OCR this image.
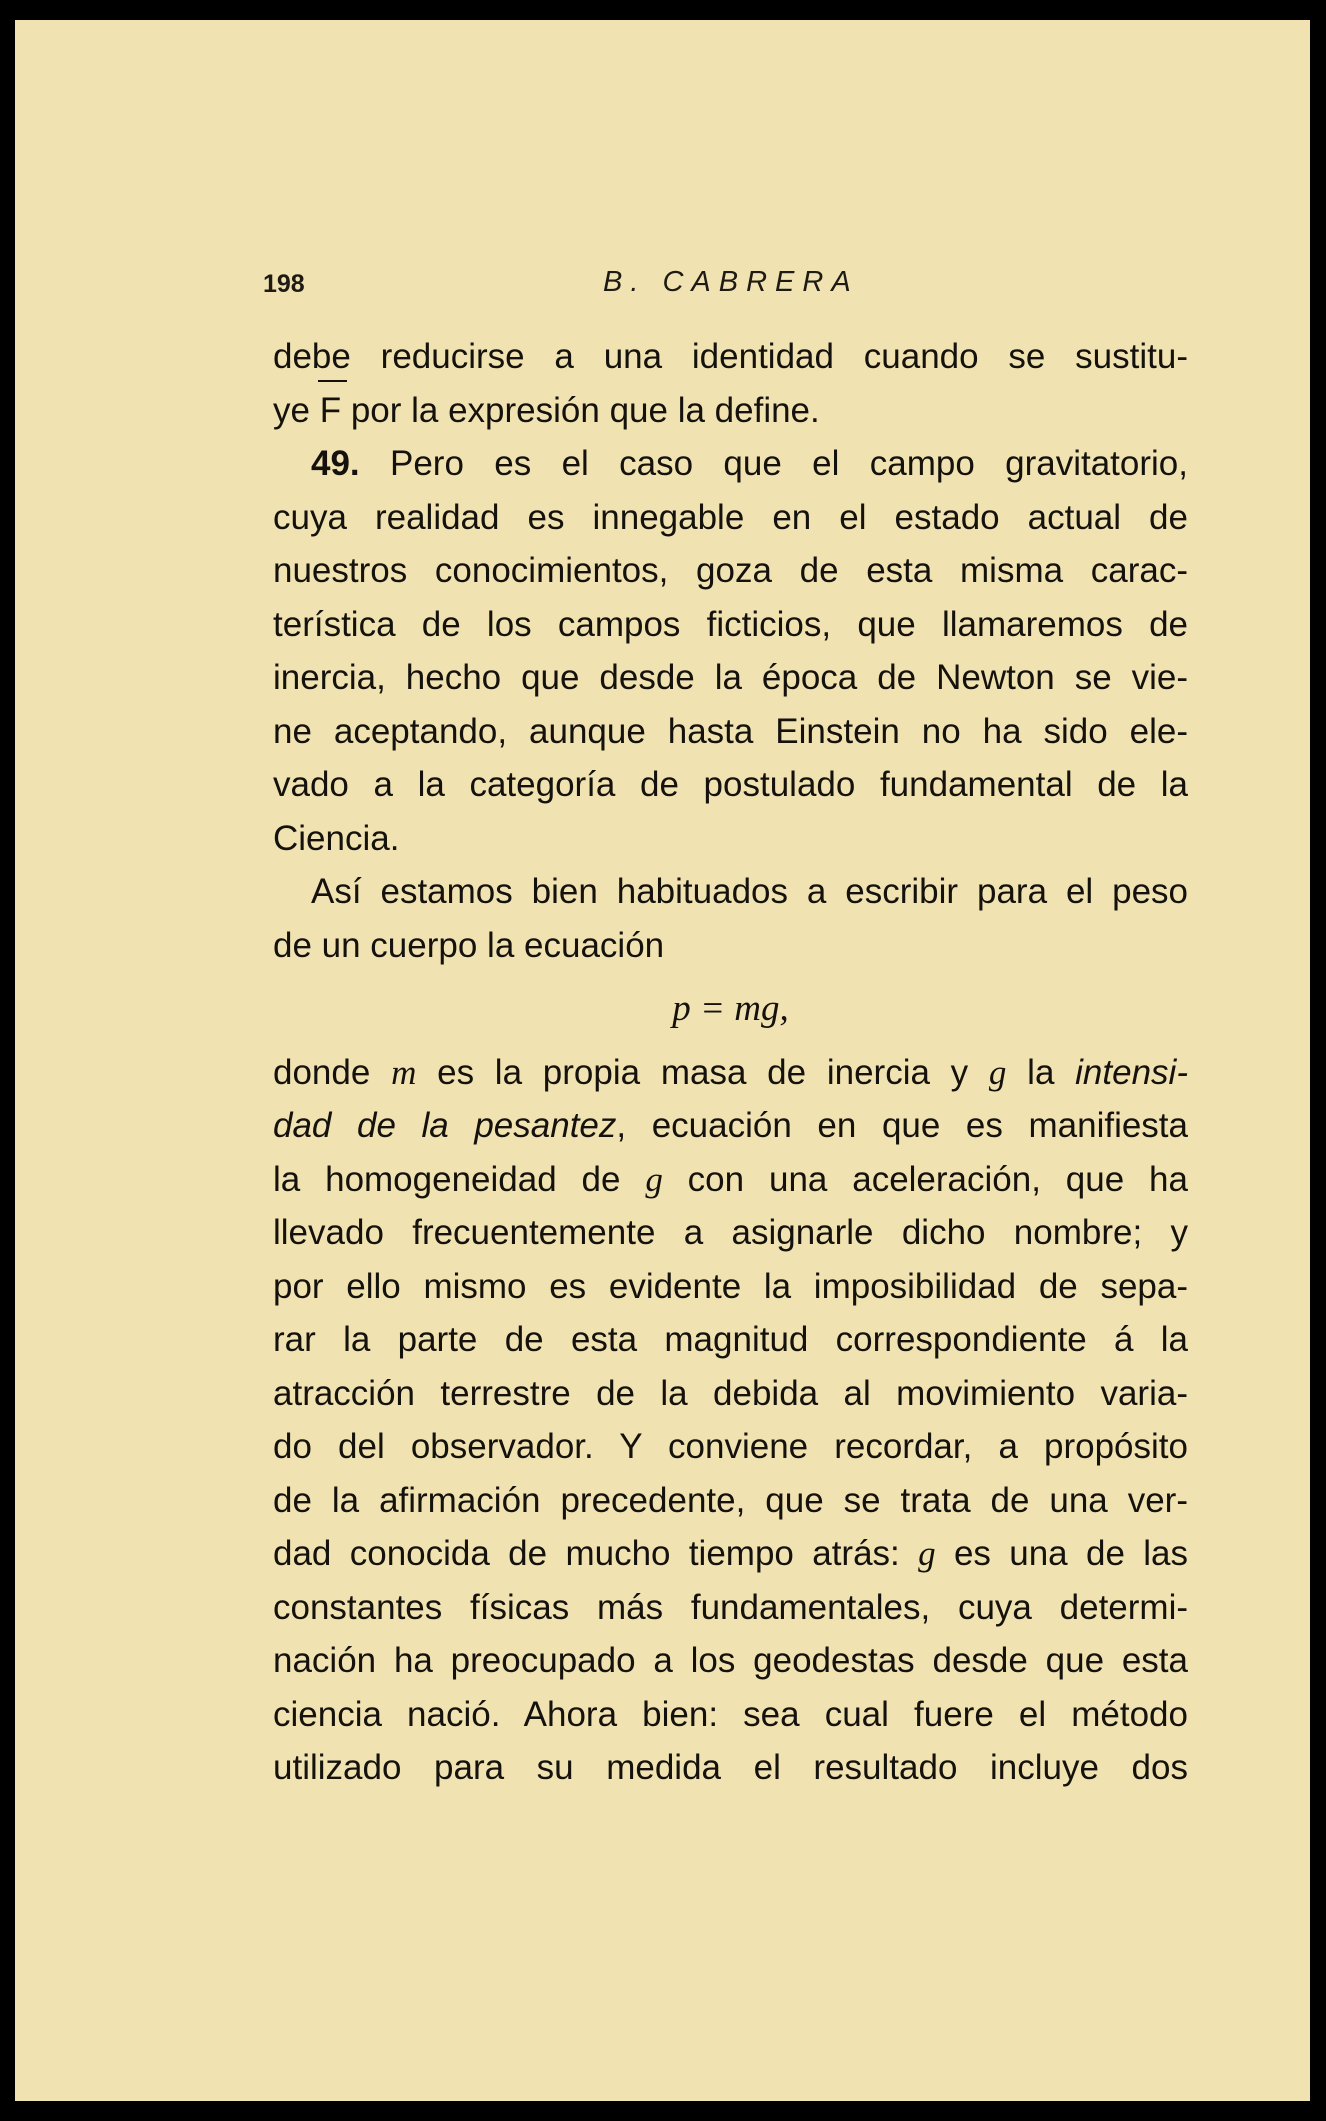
198	B. CABRERA
debe reducirse a una identidad cuando se sustitu-
ye F por la expresión que la define.
49. Pero es el caso que el campo gravitatorio,
cuya realidad es innegable en el estado actual de
nuestros conocimientos, goza de esta misma carac-
terística de los campos ficticios, que llamaremos de
inercia, hecho que desde la época de Newton se vie-
ne aceptando, aunque hasta Einstein no ha sido ele-
vado a la categoría de postulado fundamental de la
Ciencia.
Así estamos bien habituados a escribir para el peso
de un cuerpo la ecuación
p = mg,
donde m es la propia masa de inercia y g la intensi-
dad de la pesantez, ecuación en que es manifiesta
la homogeneidad de g con una aceleración, que ha
llevado frecuentemente a asignarle dicho nombre; y
por ello mismo es evidente la imposibilidad de sepa-
rar la parte de esta magnitud correspondiente á la
atracción terrestre de la debida al movimiento varia-
do del observador. Y conviene recordar, a propósito
de la afirmación precedente, que se trata de una ver-
dad conocida de mucho tiempo atrás: g es una de las
constantes físicas más fundamentales, cuya determi-
nación ha preocupado a los geodestas desde que esta
ciencia nació. Ahora bien: sea cual fuere el método
utilizado para su medida el resultado incluye dos
